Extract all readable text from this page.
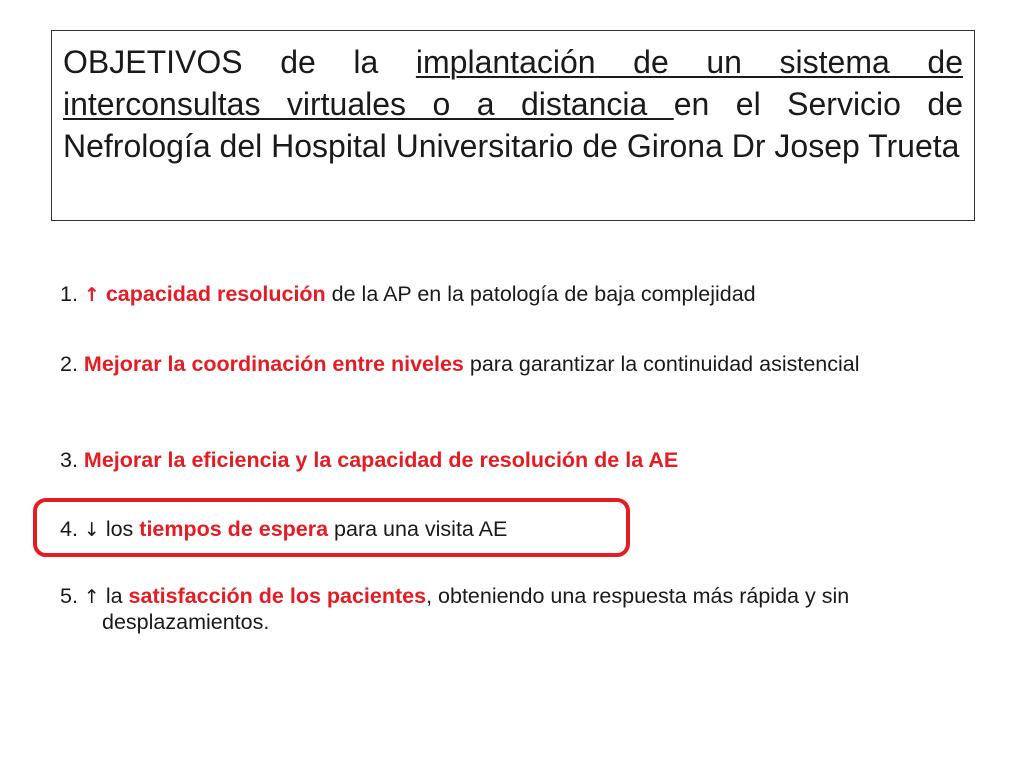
OBJETIVOS de la implantación de un sistema de interconsultas virtuales o a distancia en el Servicio de Nefrología del Hospital Universitario de Girona Dr Josep Trueta
1. ↑ capacidad resolución de la AP en la patología de baja complejidad
2. Mejorar la coordinación entre niveles para garantizar la continuidad asistencial
3. Mejorar la eficiencia y la capacidad de resolución de la AE
4. ↓ los tiempos de espera para una visita AE
5. ↑ la satisfacción de los pacientes, obteniendo una respuesta más rápida y sin desplazamientos.
